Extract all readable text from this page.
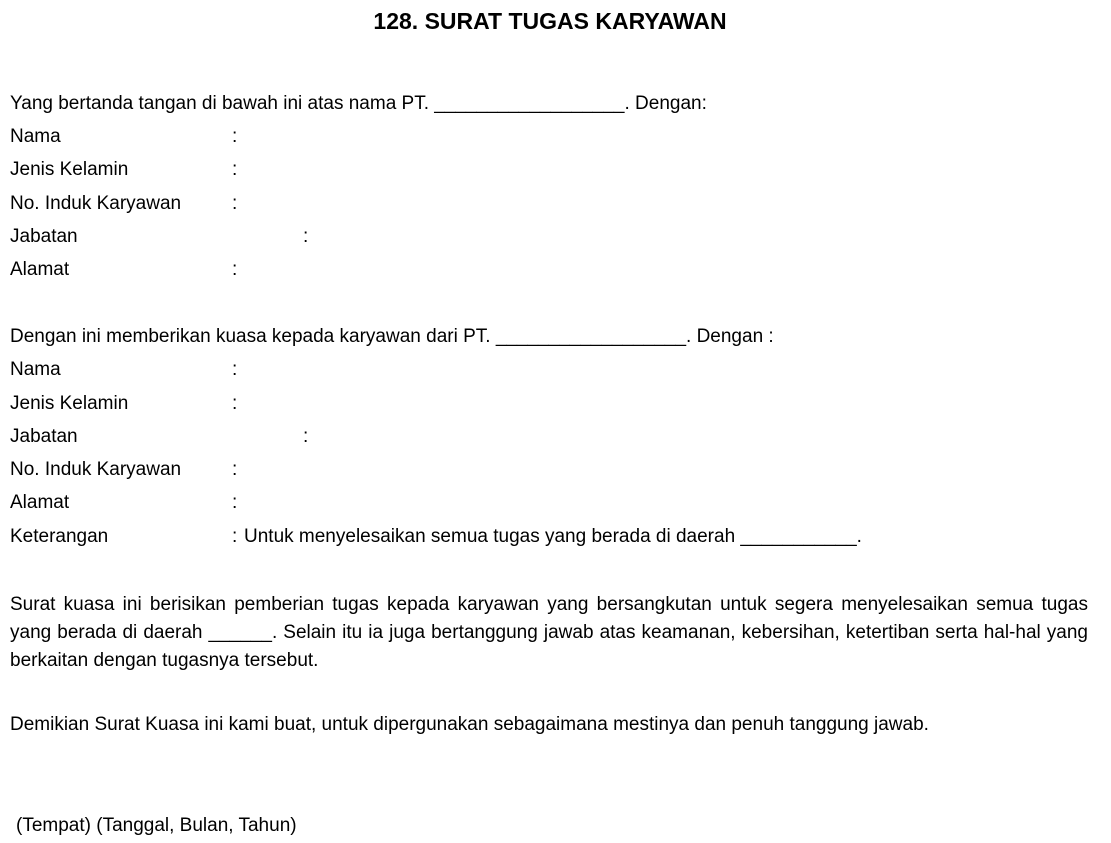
128. SURAT TUGAS KARYAWAN
Yang bertanda tangan di bawah ini atas nama PT. __________________. Dengan:
Nama	:
Jenis Kelamin	:
No. Induk Karyawan	:
Jabatan	:
Alamat	:
Dengan ini memberikan kuasa kepada karyawan dari PT. __________________. Dengan :
Nama	:
Jenis Kelamin	:
Jabatan	:
No. Induk Karyawan	:
Alamat	:
Keterangan	: Untuk menyelesaikan semua tugas yang berada di daerah ___________.
Surat kuasa ini berisikan pemberian tugas kepada karyawan yang bersangkutan untuk segera menyelesaikan semua tugas yang berada di daerah ______. Selain itu ia juga bertanggung jawab atas keamanan, kebersihan, ketertiban serta hal-hal yang berkaitan dengan tugasnya tersebut.
Demikian Surat Kuasa ini kami buat, untuk dipergunakan sebagaimana mestinya dan penuh tanggung jawab.
(Tempat) (Tanggal, Bulan, Tahun)
